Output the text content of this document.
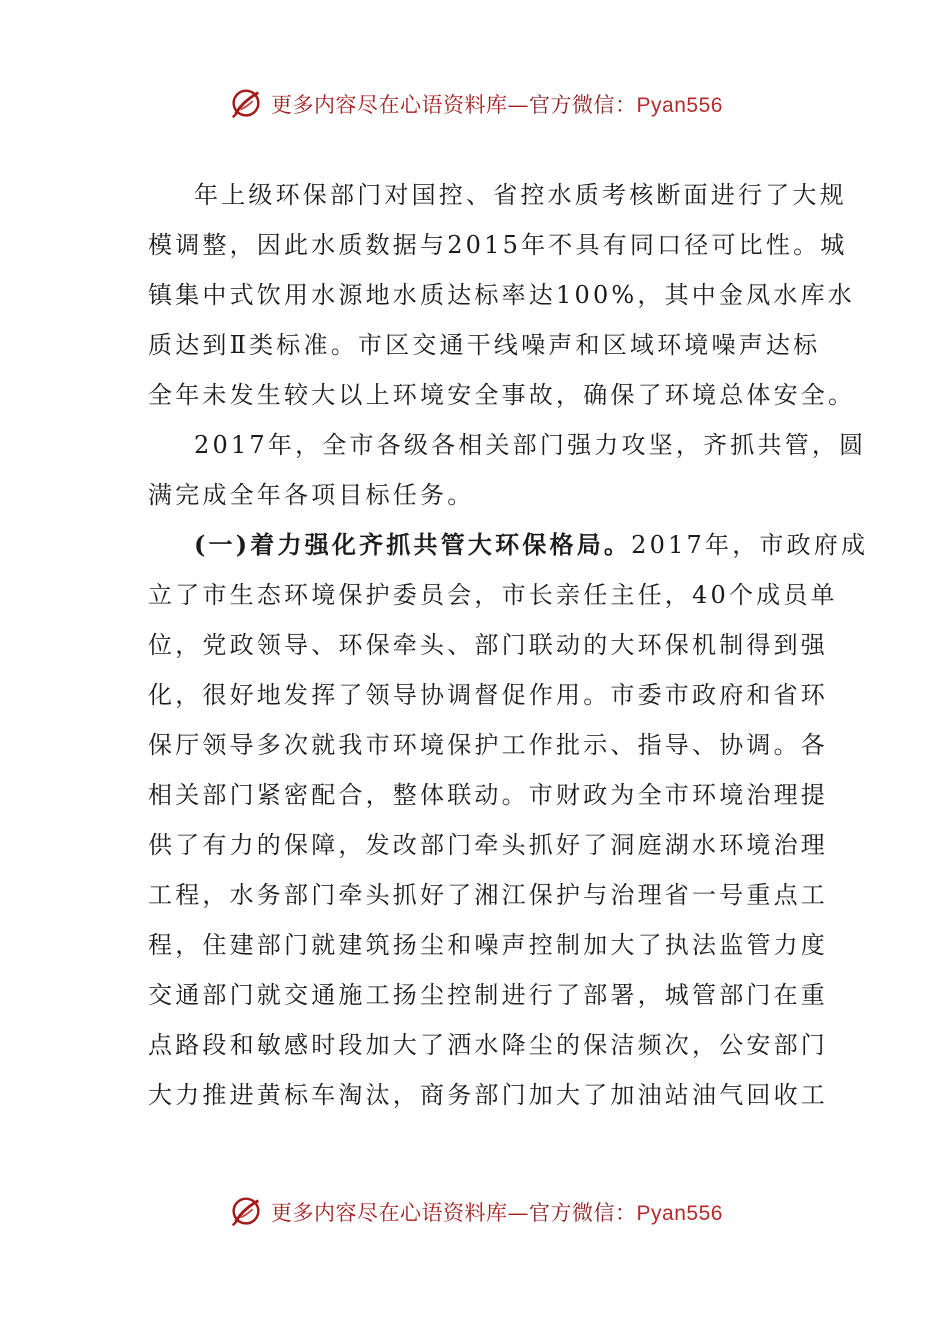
更多内容尽在心语资料库—官方微信：Pyan556
年上级环保部门对国控、省控水质考核断面进行了大规
模调整，因此水质数据与2015年不具有同口径可比性。城
镇集中式饮用水源地水质达标率达100%，其中金凤水库水
质达到Ⅱ类标准。市区交通干线噪声和区域环境噪声达标
全年未发生较大以上环境安全事故，确保了环境总体安全。
2017年，全市各级各相关部门强力攻坚，齐抓共管，圆
满完成全年各项目标任务。
(一)着力强化齐抓共管大环保格局。2017年，市政府成
立了市生态环境保护委员会，市长亲任主任，40个成员单
位，党政领导、环保牵头、部门联动的大环保机制得到强
化，很好地发挥了领导协调督促作用。市委市政府和省环
保厅领导多次就我市环境保护工作批示、指导、协调。各
相关部门紧密配合，整体联动。市财政为全市环境治理提
供了有力的保障，发改部门牵头抓好了洞庭湖水环境治理
工程，水务部门牵头抓好了湘江保护与治理省一号重点工
程，住建部门就建筑扬尘和噪声控制加大了执法监管力度
交通部门就交通施工扬尘控制进行了部署，城管部门在重
点路段和敏感时段加大了洒水降尘的保洁频次，公安部门
大力推进黄标车淘汰，商务部门加大了加油站油气回收工
更多内容尽在心语资料库—官方微信：Pyan556
